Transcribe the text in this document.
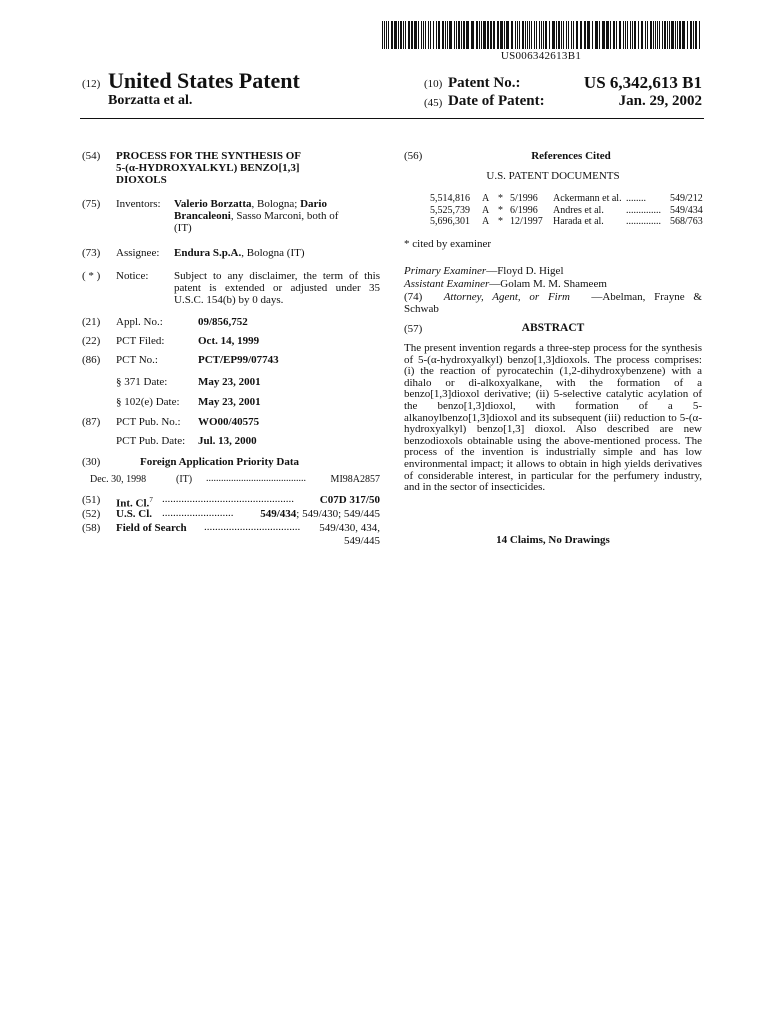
US006342613B1
(12) United States Patent
Borzatta et al.
(10) Patent No.:	US 6,342,613 B1
(45) Date of Patent:	Jan. 29, 2002
(54) PROCESS FOR THE SYNTHESIS OF
5-(α-HYDROXYALKYL) BENZO[1,3]
DIOXOLS
(75) Inventors: Valerio Borzatta, Bologna; Dario
Brancaleoni, Sasso Marconi, both of
(IT)
(73) Assignee: Endura S.p.A., Bologna (IT)
( * ) Notice: Subject to any disclaimer, the term of this
patent is extended or adjusted under 35
U.S.C. 154(b) by 0 days.
(21) Appl. No.:	09/856,752
(22) PCT Filed:	Oct. 14, 1999
(86) PCT No.:	PCT/EP99/07743
§ 371 Date:	May 23, 2001
§ 102(e) Date: May 23, 2001
(87) PCT Pub. No.: WO00/40575
PCT Pub. Date: Jul. 13, 2000
(30)	Foreign Application Priority Data
Dec. 30, 1998	(IT) ........................................	MI98A2857
(51) Int. Cl.$^7$ ................................................	C07D 317/50
(52) U.S. Cl. .......................... 549/434; 549/430; 549/445
(58) Field of Search ...................................	549/430, 434,
549/445
(56)	References Cited
U.S. PATENT DOCUMENTS
5,514,816 A * 5/1996 Ackermann et al. ........ 549/212
5,525,739 A * 6/1996 Andres et al. .............. 549/434
5,696,301 A * 12/1997 Harada et al. .............. 568/763
* cited by examiner
Primary Examiner—Floyd D. Higel
Assistant Examiner—Golam M. M. Shameem
(74) Attorney, Agent, or Firm —Abelman, Frayne &
Schwab
(57)	ABSTRACT
The present invention regards a three-step process for the synthesis of 5-(α-hydroxyalkyl) benzo[1,3]dioxols. The process comprises: (i) the reaction of pyrocatechin (1,2-dihydroxybenzene) with a dihalo or di-alkoxyalkane, with the formation of a benzo[1,3]dioxol derivative; (ii) 5-selective catalytic acylation of the benzo[1,3]dioxol, with formation of a 5-alkanoylbenzo[1,3]dioxol and its subsequent (iii) reduction to 5-(α-hydroxyalkyl) benzo[1,3] dioxol. Also described are new benzodioxols obtainable using the above-mentioned process. The process of the invention is industrially simple and has low environmental impact; it allows to obtain in high yields derivatives of considerable interest, in particular for the perfumery industry, and in the sector of insecticides.
14 Claims, No Drawings
